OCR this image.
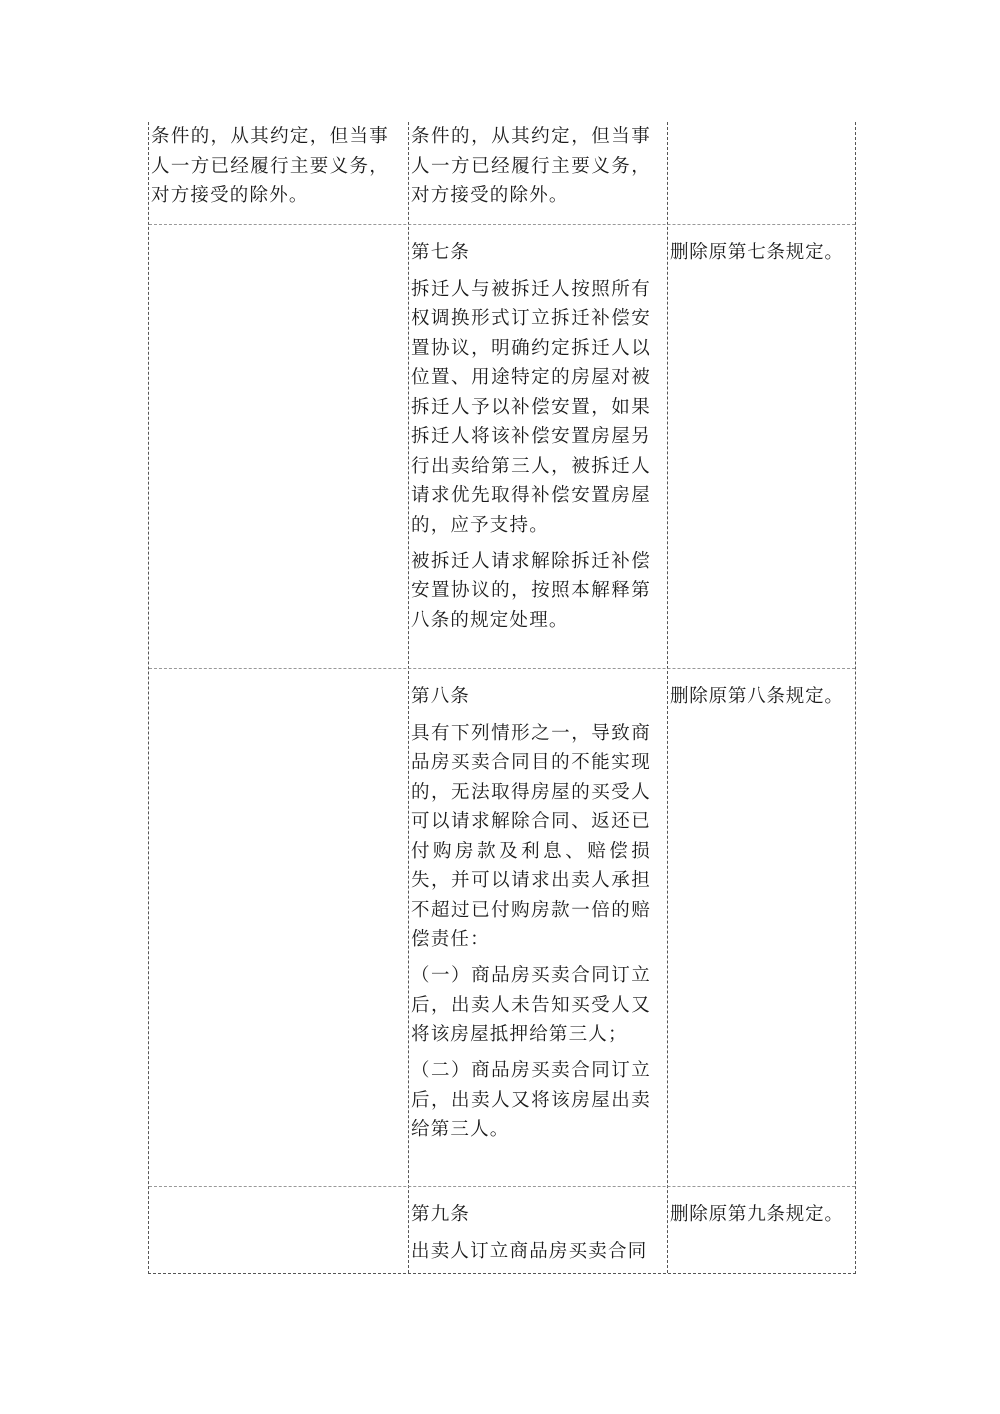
条件的，从其约定，但当事人一方已经履行主要义务，对方接受的除外。

条件的，从其约定，但当事人一方已经履行主要义务，对方接受的除外。

第七条

拆迁人与被拆迁人按照所有权调换形式订立拆迁补偿安置协议，明确约定拆迁人以位置、用途特定的房屋对被拆迁人予以补偿安置，如果拆迁人将该补偿安置房屋另行出卖给第三人，被拆迁人请求优先取得补偿安置房屋的，应予支持。

被拆迁人请求解除拆迁补偿安置协议的，按照本解释第八条的规定处理。

删除原第七条规定。

第八条

具有下列情形之一，导致商品房买卖合同目的不能实现的，无法取得房屋的买受人可以请求解除合同、返还已付购房款及利息、赔偿损失，并可以请求出卖人承担不超过已付购房款一倍的赔偿责任：

（一）商品房买卖合同订立后，出卖人未告知买受人又将该房屋抵押给第三人；

（二）商品房买卖合同订立后，出卖人又将该房屋出卖给第三人。

删除原第八条规定。

第九条

出卖人订立商品房买卖合同

删除原第九条规定。
